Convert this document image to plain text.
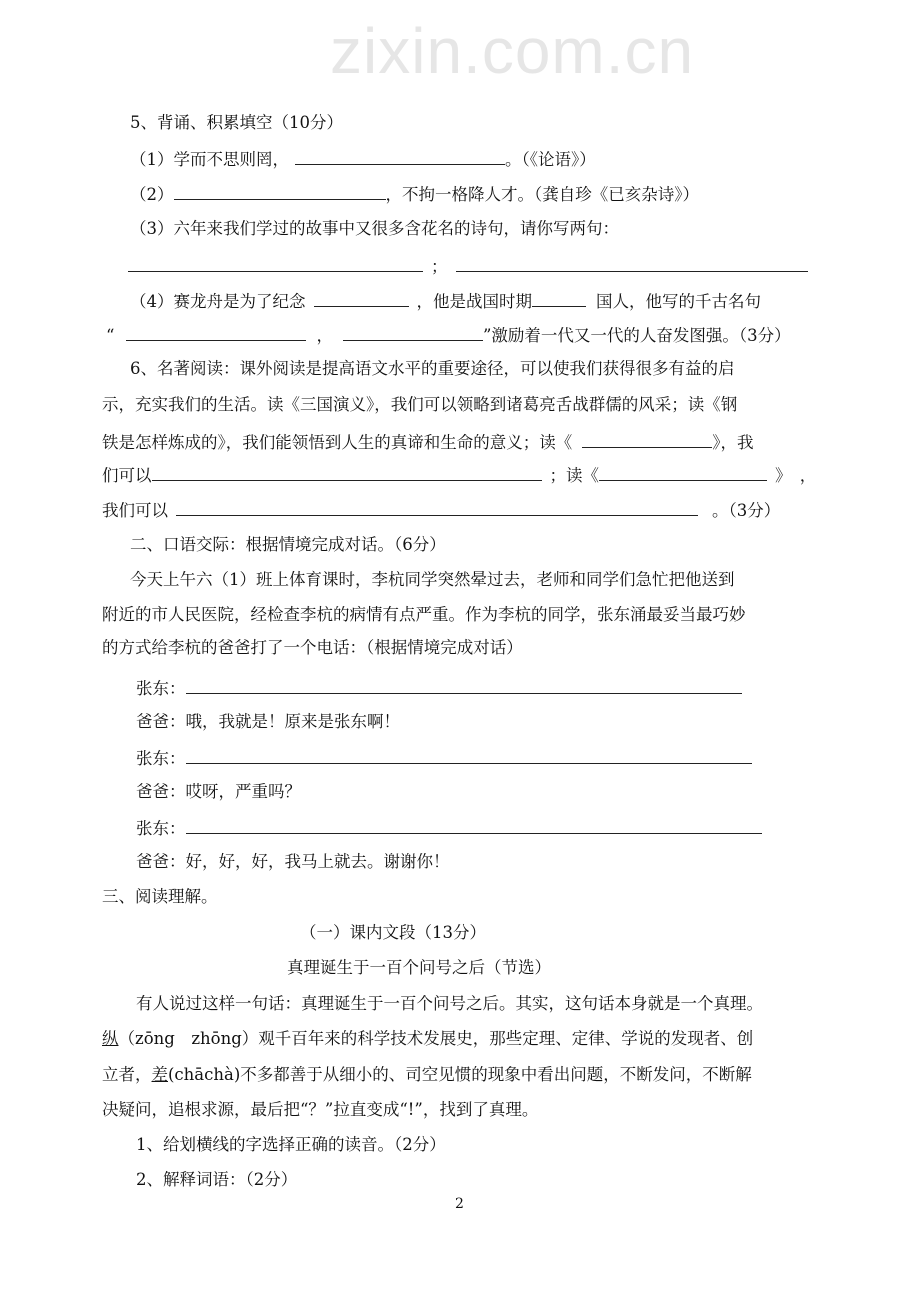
zixin.com.cn
5、背诵、积累填空（10分）
（1）学而不思则罔，	。（《论语》）
（2）	，不拘一格降人才。（龚自珍《已亥杂诗》）
（3）六年来我们学过的故事中又很多含花名的诗句，请你写两句：
；
（4）赛龙舟是为了纪念	，他是战国时期	国人，他写的千古名句
“	，	”激励着一代又一代的人奋发图强。（3分）
6、名著阅读：课外阅读是提高语文水平的重要途径，可以使我们获得很多有益的启
示，充实我们的生活。读《三国演义》，我们可以领略到诸葛亮舌战群儒的风采；读《钢
铁是怎样炼成的》，我们能领悟到人生的真谛和生命的意义；读《	》，我
们可以	；读《	》　，
我们可以	。（3分）
二、口语交际：根据情境完成对话。（6分）
今天上午六（1）班上体育课时，李杭同学突然晕过去，老师和同学们急忙把他送到
附近的市人民医院，经检查李杭的病情有点严重。作为李杭的同学，张东涌最妥当最巧妙
的方式给李杭的爸爸打了一个电话：（根据情境完成对话）
张东：
爸爸：哦，我就是！原来是张东啊！
张东：
爸爸：哎呀，严重吗？
张东：
爸爸：好，好，好，我马上就去。谢谢你！
三、阅读理解。
（一）课内文段（13分）
真理诞生于一百个问号之后（节选）
有人说过这样一句话：真理诞生于一百个问号之后。其实，这句话本身就是一个真理。
纵（zōng　zhōng）观千百年来的科学技术发展史，那些定理、定律、学说的发现者、创
立者，差(chāchà)不多都善于从细小的、司空见惯的现象中看出问题，不断发问，不断解
决疑问，追根求源，最后把“？”拉直变成“!”，找到了真理。
1、给划横线的字选择正确的读音。（2分）
2、解释词语：（2分）
2
